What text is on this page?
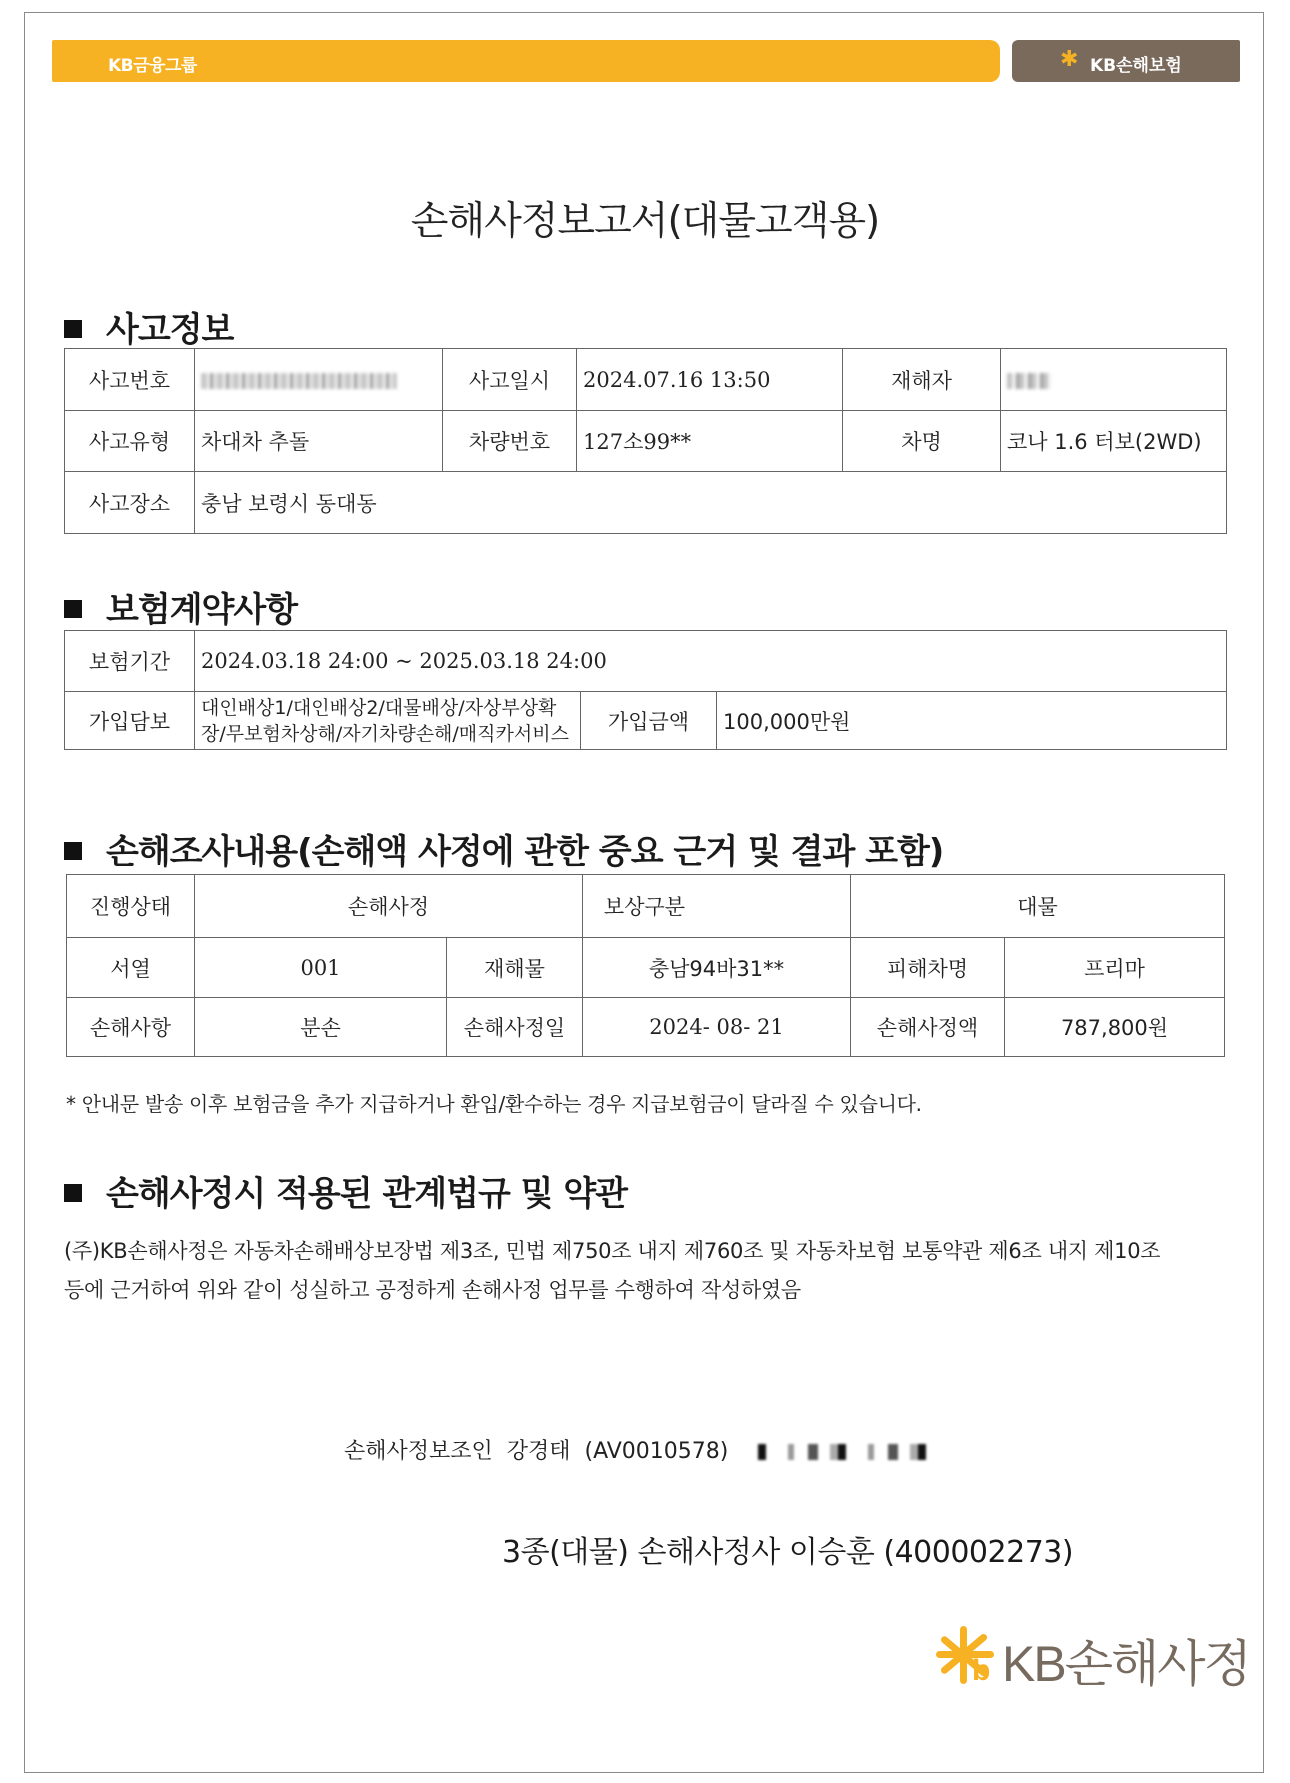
KB금융그룹	✱ KB손해보험
손해사정보고서(대물고객용)
사고정보
사고번호		사고일시	2024.07.16 13:50	재해자	
사고유형	차대차 추돌	차량번호	127소99**	차명	코나 1.6 터보(2WD)
사고장소	충남 보령시 동대동				
보험계약사항
보험기간	2024.03.18 24:00 ~ 2025.03.18 24:00		
가입담보	대인배상1/대인배상2/대물배상/자상부상확
장/무보험차상해/자기차량손해/매직카서비스	가입금액	100,000만원
손해조사내용(손해액 사정에 관한 중요 근거 및 결과 포함)
진행상태	손해사정		보상구분	대물	
서열	001	재해물	충남94바31**	피해차명	프리마
손해사항	분손	손해사정일	2024- 08- 21	손해사정액	787,800원
* 안내문 발송 이후 보험금을 추가 지급하거나 환입/환수하는 경우 지급보험금이 달라질 수 있습니다.
손해사정시 적용된 관계법규 및 약관
(주)KB손해사정은 자동차손해배상보장법 제3조, 민법 제750조 내지 제760조 및 자동차보험 보통약관 제6조 내지 제10조
등에 근거하여 위와 같이 성실하고 공정하게 손해사정 업무를 수행하여 작성하였음
손해사정보조인  강경태  (AV0010578)
3종(대물) 손해사정사 이승훈 (400002273)
b KB손해사정
